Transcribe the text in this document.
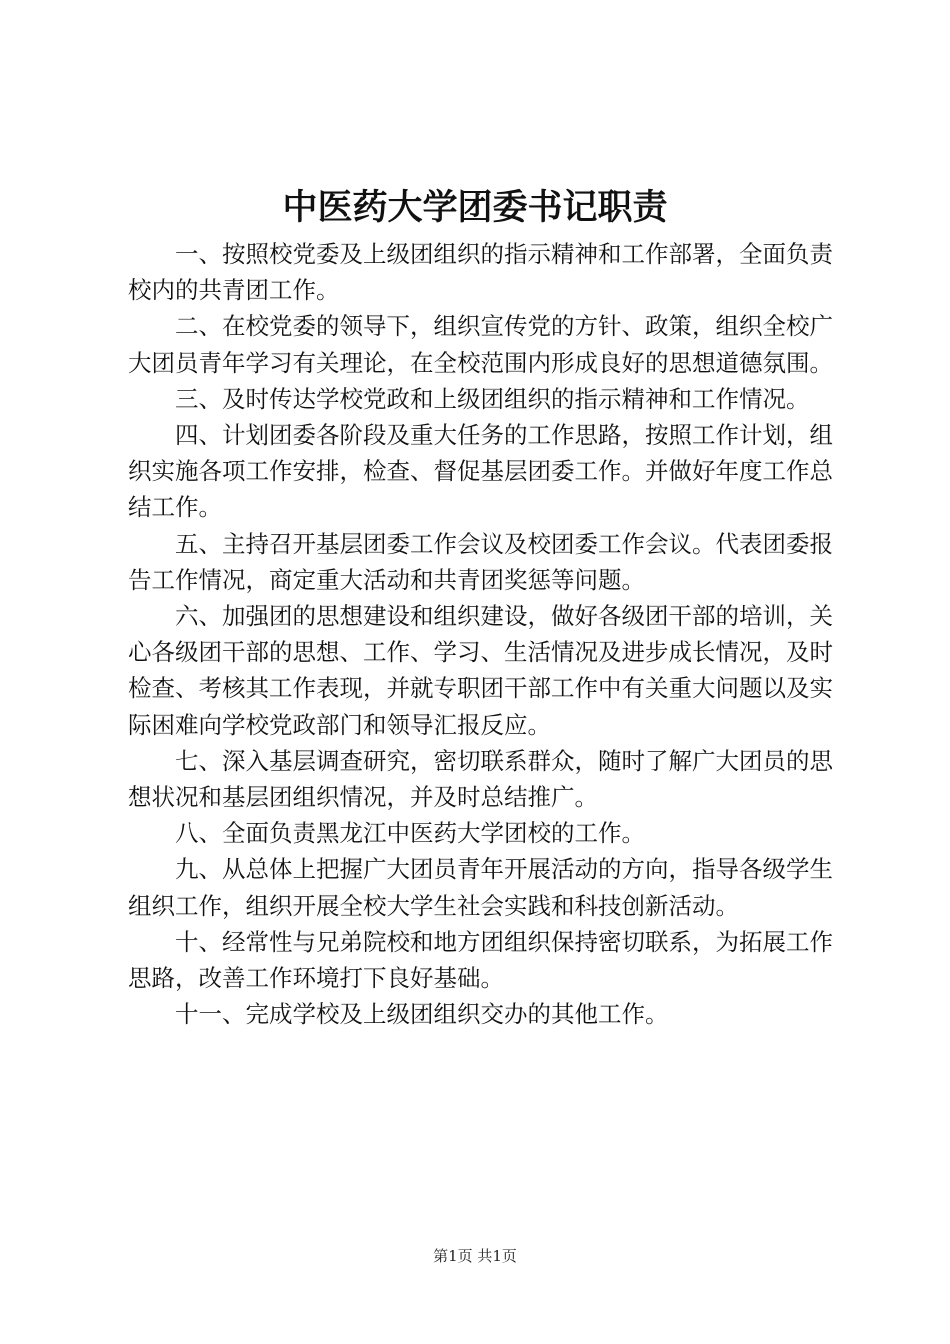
中医药大学团委书记职责

一、按照校党委及上级团组织的指示精神和工作部署，全面负责校内的共青团工作。

二、在校党委的领导下，组织宣传党的方针、政策，组织全校广大团员青年学习有关理论，在全校范围内形成良好的思想道德氛围。

三、及时传达学校党政和上级团组织的指示精神和工作情况。

四、计划团委各阶段及重大任务的工作思路，按照工作计划，组织实施各项工作安排，检查、督促基层团委工作。并做好年度工作总结工作。

五、主持召开基层团委工作会议及校团委工作会议。代表团委报告工作情况，商定重大活动和共青团奖惩等问题。

六、加强团的思想建设和组织建设，做好各级团干部的培训，关心各级团干部的思想、工作、学习、生活情况及进步成长情况，及时检查、考核其工作表现，并就专职团干部工作中有关重大问题以及实际困难向学校党政部门和领导汇报反应。

七、深入基层调查研究，密切联系群众，随时了解广大团员的思想状况和基层团组织情况，并及时总结推广。

八、全面负责黑龙江中医药大学团校的工作。

九、从总体上把握广大团员青年开展活动的方向，指导各级学生组织工作，组织开展全校大学生社会实践和科技创新活动。

十、经常性与兄弟院校和地方团组织保持密切联系，为拓展工作思路，改善工作环境打下良好基础。

十一、完成学校及上级团组织交办的其他工作。

第1页 共1页
